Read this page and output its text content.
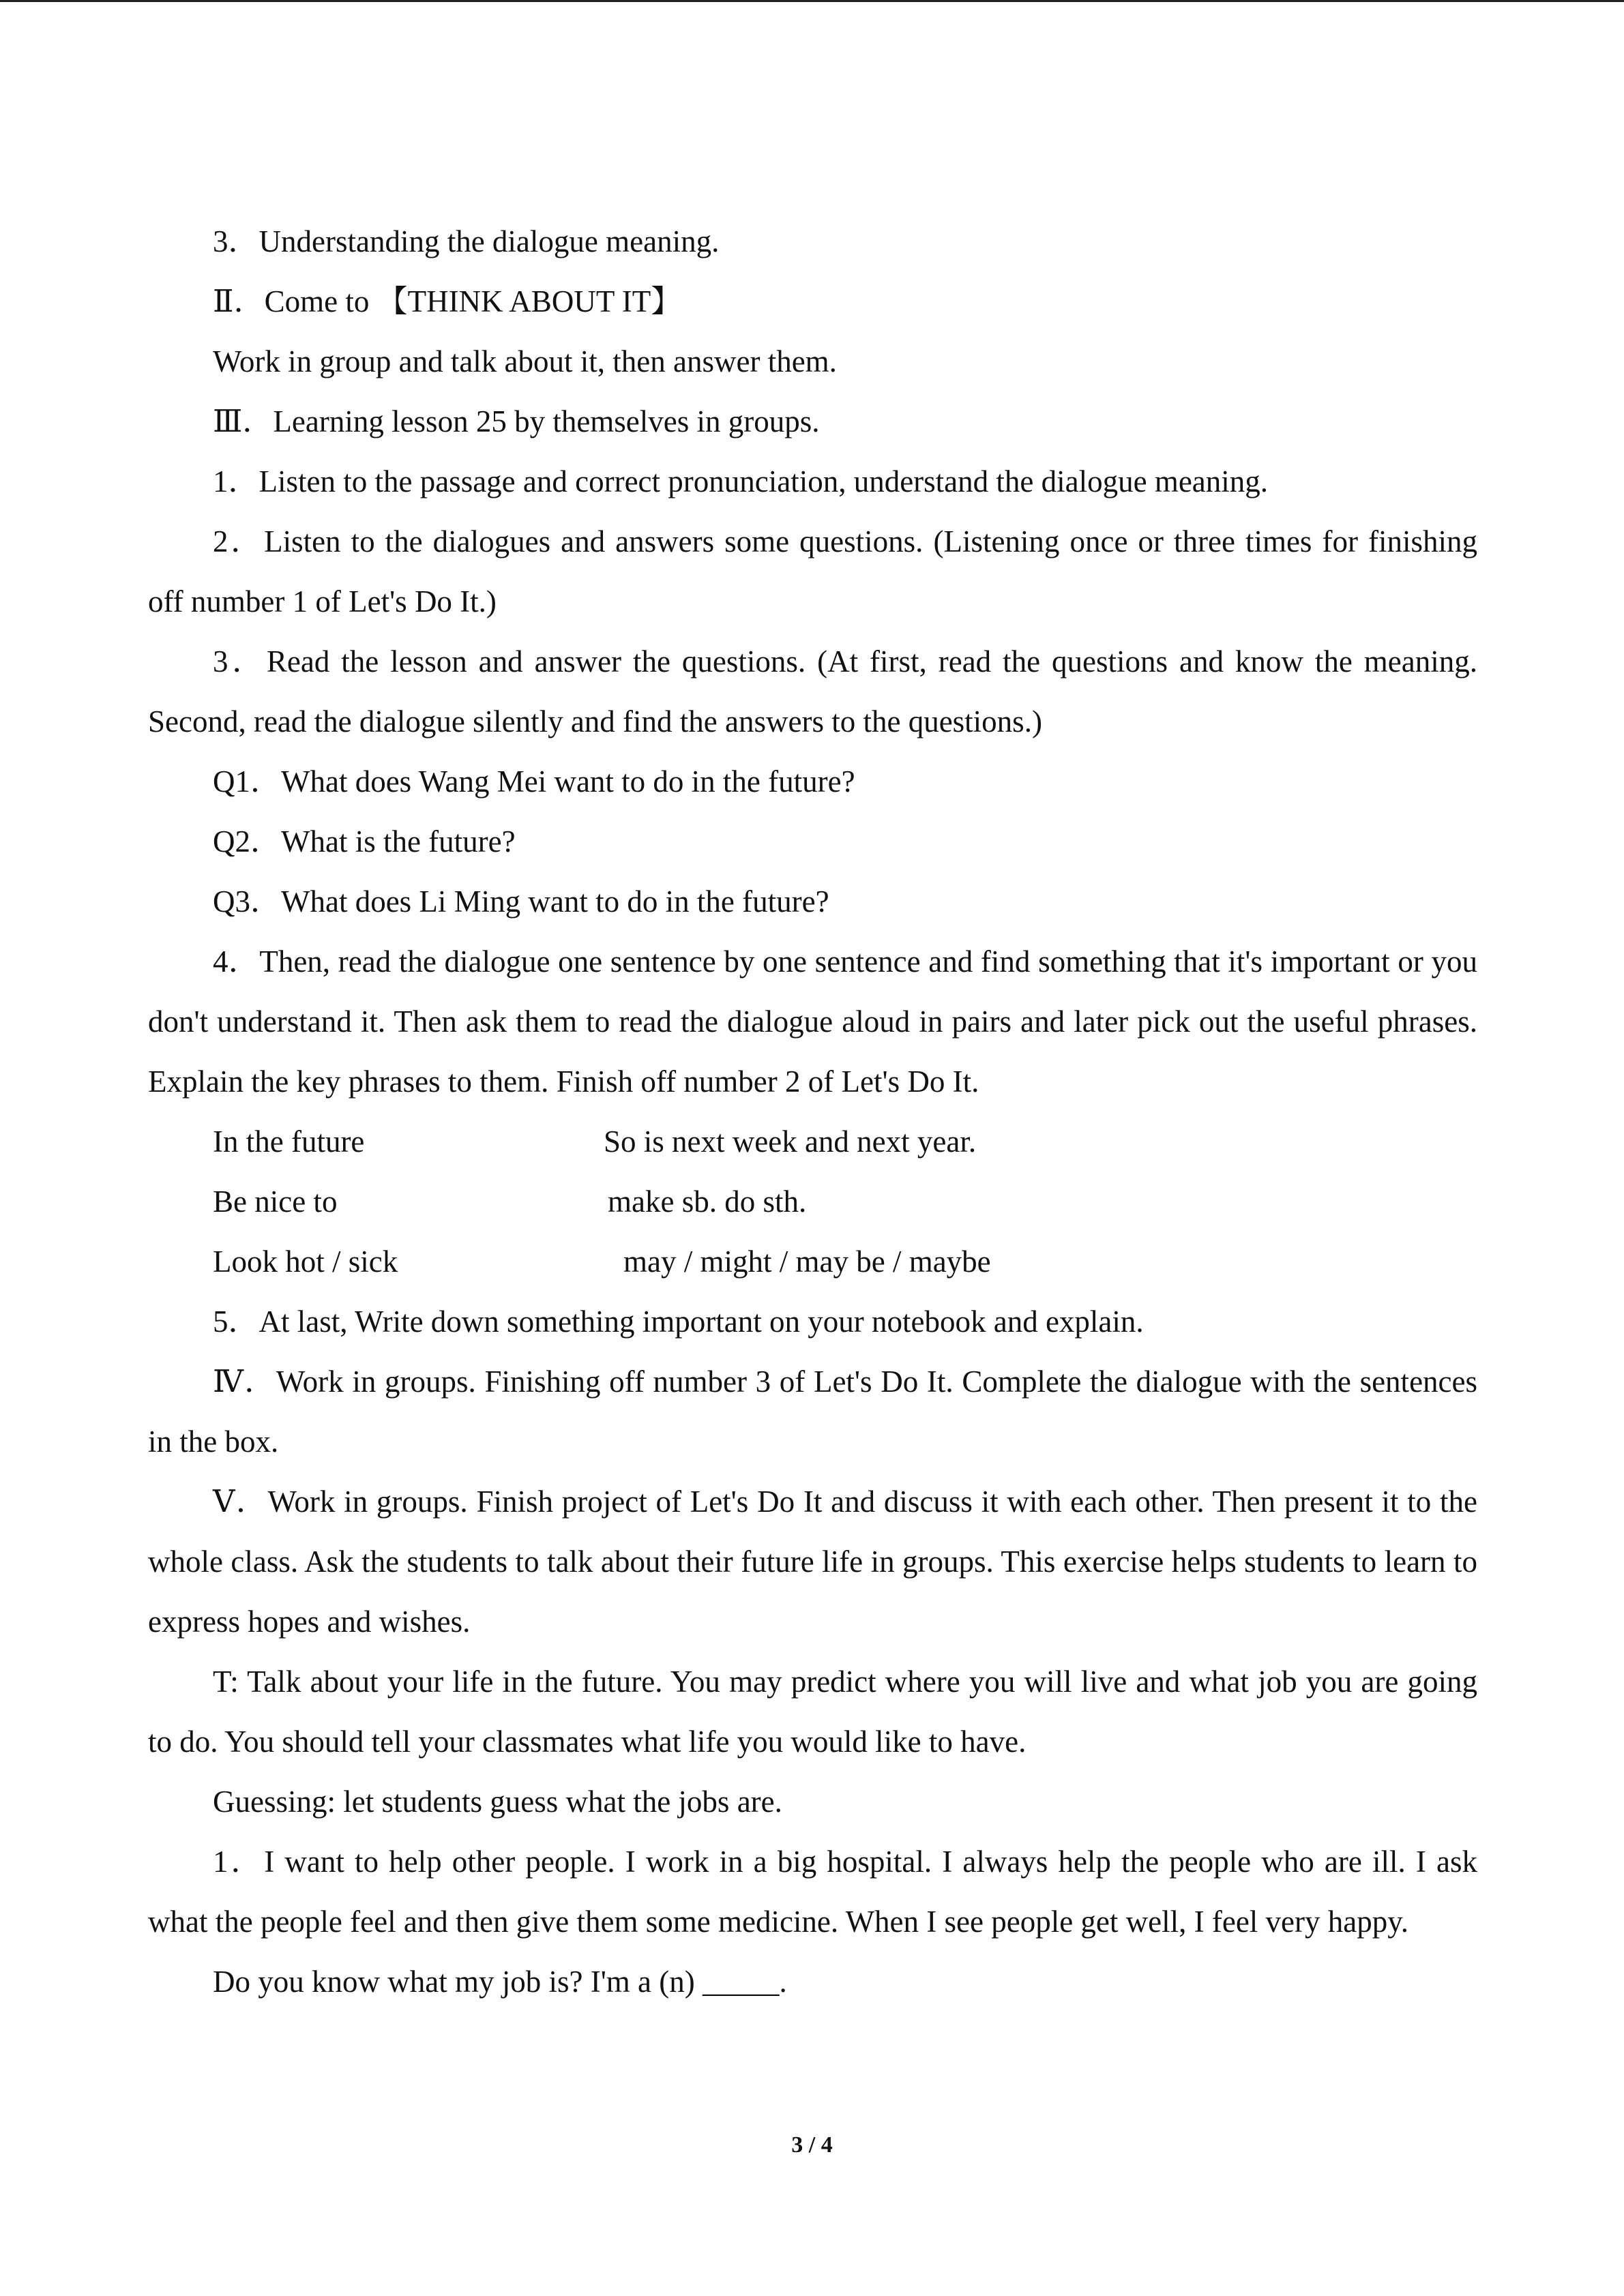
3．Understanding the dialogue meaning.

Ⅱ．Come to 【THINK ABOUT IT】

Work in group and talk about it, then answer them.

Ⅲ．Learning lesson 25 by themselves in groups.

1．Listen to the passage and correct pronunciation, understand the dialogue meaning.

2．Listen to the dialogues and answers some questions. (Listening once or three times for finishing off number 1 of Let's Do It.)

3．Read the lesson and answer the questions. (At first, read the questions and know the meaning. Second, read the dialogue silently and find the answers to the questions.)

Q1．What does Wang Mei want to do in the future?

Q2．What is the future?

Q3．What does Li Ming want to do in the future?

4．Then, read the dialogue one sentence by one sentence and find something that it's important or you don't understand it. Then ask them to read the dialogue aloud in pairs and later pick out the useful phrases. Explain the key phrases to them. Finish off number 2 of Let's Do It.

In the future	So is next week and next year.
Be nice to	make sb. do sth.
Look hot / sick	may / might / may be / maybe

5．At last, Write down something important on your notebook and explain.

Ⅳ．Work in groups. Finishing off number 3 of Let's Do It. Complete the dialogue with the sentences in the box.

Ⅴ．Work in groups. Finish project of Let's Do It and discuss it with each other. Then present it to the whole class. Ask the students to talk about their future life in groups. This exercise helps students to learn to express hopes and wishes.

T: Talk about your life in the future. You may predict where you will live and what job you are going to do. You should tell your classmates what life you would like to have.

Guessing: let students guess what the jobs are.

1．I want to help other people. I work in a big hospital. I always help the people who are ill. I ask what the people feel and then give them some medicine. When I see people get well, I feel very happy.

Do you know what my job is? I'm a (n) _____.

3 / 4
